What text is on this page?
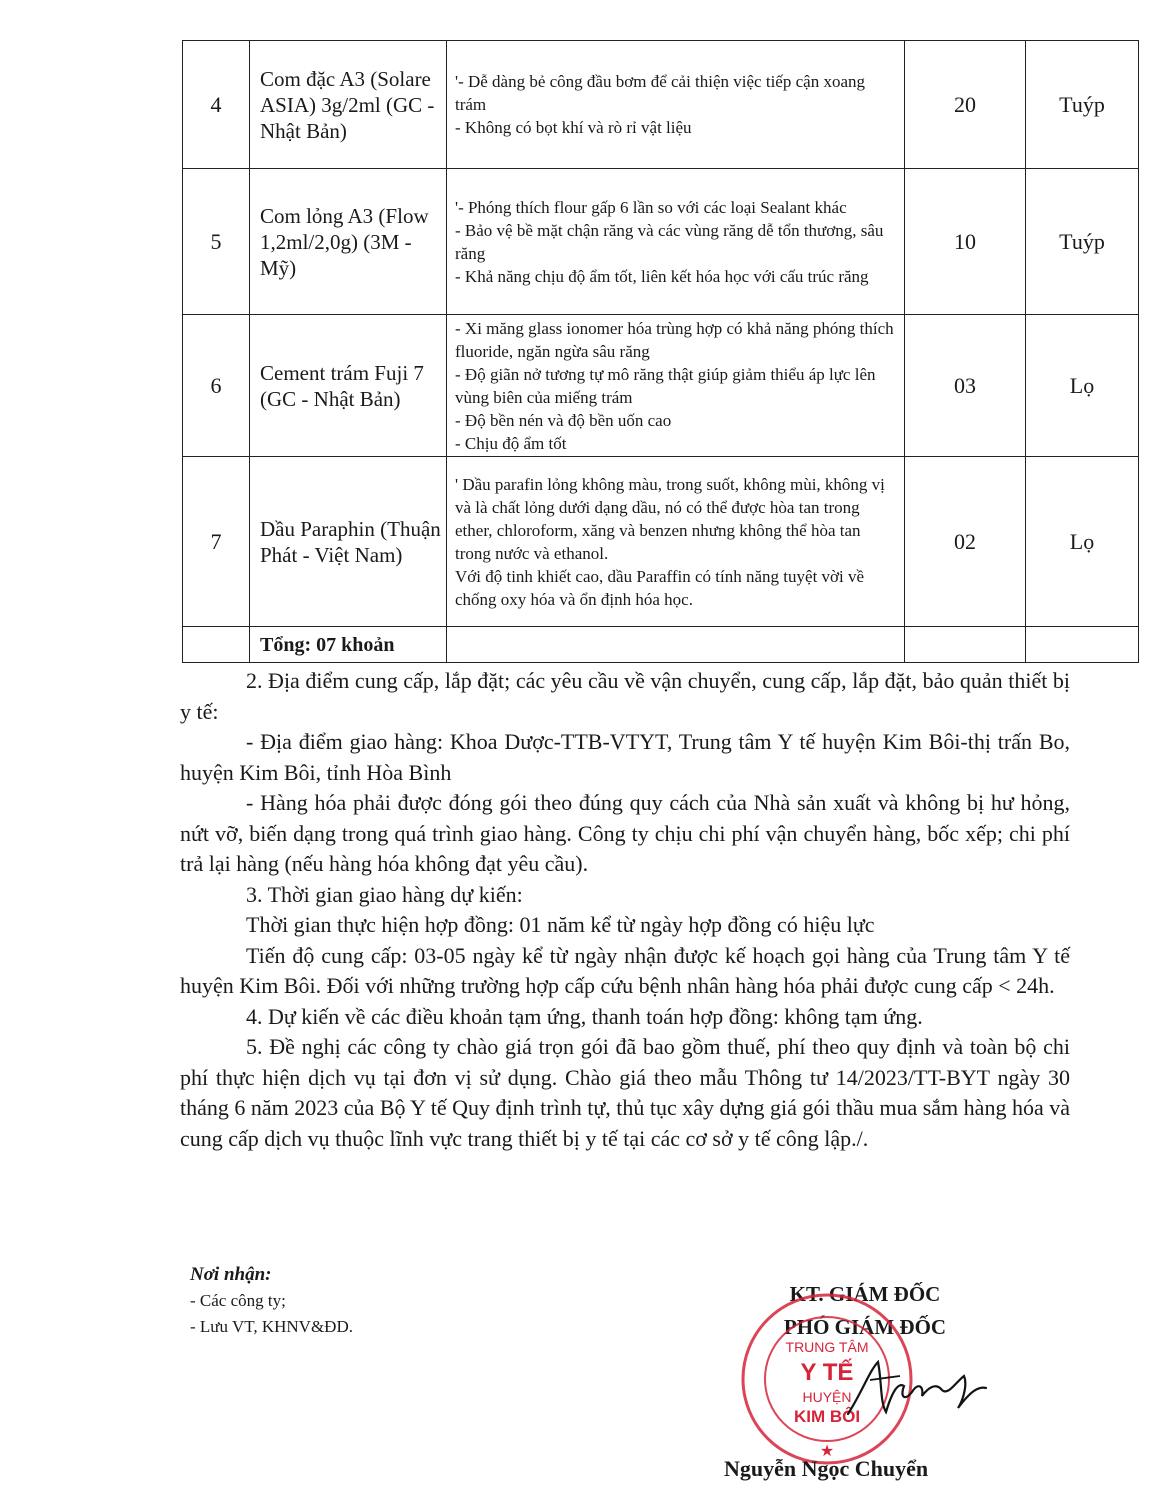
4	Com đặc A3 (Solare ASIA) 3g/2ml (GC - Nhật Bản)	'- Dễ dàng bẻ công đầu bơm để cải thiện việc tiếp cận xoang trám
- Không có bọt khí và rò rỉ vật liệu	20	Tuýp
5	Com lỏng A3 (Flow 1,2ml/2,0g) (3M - Mỹ)	'- Phóng thích flour gấp 6 lần so với các loại Sealant khác
- Bảo vệ bề mặt chận răng và các vùng răng dễ tổn thương, sâu răng
- Khả năng chịu độ ẩm tốt, liên kết hóa học với cấu trúc răng	10	Tuýp
6	Cement trám Fuji 7 (GC - Nhật Bản)	- Xi măng glass ionomer hóa trùng hợp có khả năng phóng thích fluoride, ngăn ngừa sâu răng
- Độ giãn nở tương tự mô răng thật giúp giảm thiểu áp lực lên vùng biên của miếng trám
- Độ bền nén và độ bền uốn cao
- Chịu độ ẩm tốt	03	Lọ
7	Dầu Paraphin (Thuận Phát - Việt Nam)	' Dầu parafin lỏng không màu, trong suốt, không mùi, không vị và là chất lỏng dưới dạng dầu, nó có thể được hòa tan trong
ether, chloroform, xăng và benzen nhưng không thể hòa tan trong nước và ethanol.
Với độ tinh khiết cao, dầu Paraffin có tính năng tuyệt vời về chống oxy hóa và ổn định hóa học.	02	Lọ
	Tổng: 07 khoản			

2. Địa điểm cung cấp, lắp đặt; các yêu cầu về vận chuyển, cung cấp, lắp đặt, bảo quản thiết bị y tế:

- Địa điểm giao hàng: Khoa Dược-TTB-VTYT, Trung tâm Y tế huyện Kim Bôi-thị trấn Bo, huyện Kim Bôi, tỉnh Hòa Bình

- Hàng hóa phải được đóng gói theo đúng quy cách của Nhà sản xuất và không bị hư hỏng, nứt vỡ, biến dạng trong quá trình giao hàng. Công ty chịu chi phí vận chuyển hàng, bốc xếp; chi phí trả lại hàng (nếu hàng hóa không đạt yêu cầu).

3. Thời gian giao hàng dự kiến:

Thời gian thực hiện hợp đồng: 01 năm kể từ ngày hợp đồng có hiệu lực

Tiến độ cung cấp: 03-05 ngày kể từ ngày nhận được kế hoạch gọi hàng của Trung tâm Y tế huyện Kim Bôi. Đối với những trường hợp cấp cứu bệnh nhân hàng hóa phải được cung cấp < 24h.

4. Dự kiến về các điều khoản tạm ứng, thanh toán hợp đồng: không tạm ứng.

5. Đề nghị các công ty chào giá trọn gói đã bao gồm thuế, phí theo quy định và toàn bộ chi phí thực hiện dịch vụ tại đơn vị sử dụng. Chào giá theo mẫu Thông tư 14/2023/TT-BYT ngày 30 tháng 6 năm 2023 của Bộ Y tế Quy định trình tự, thủ tục xây dựng giá gói thầu mua sắm hàng hóa và cung cấp dịch vụ thuộc lĩnh vực trang thiết bị y tế tại các cơ sở y tế công lập./.

Nơi nhận:
- Các công ty;
- Lưu VT, KHNV&ĐD.
KT. GIÁM ĐỐC
PHÓ GIÁM ĐỐC
TRUNG TÂM
Y TẾ
HUYỆN
KIM BÔI
★
Nguyễn Ngọc Chuyển
